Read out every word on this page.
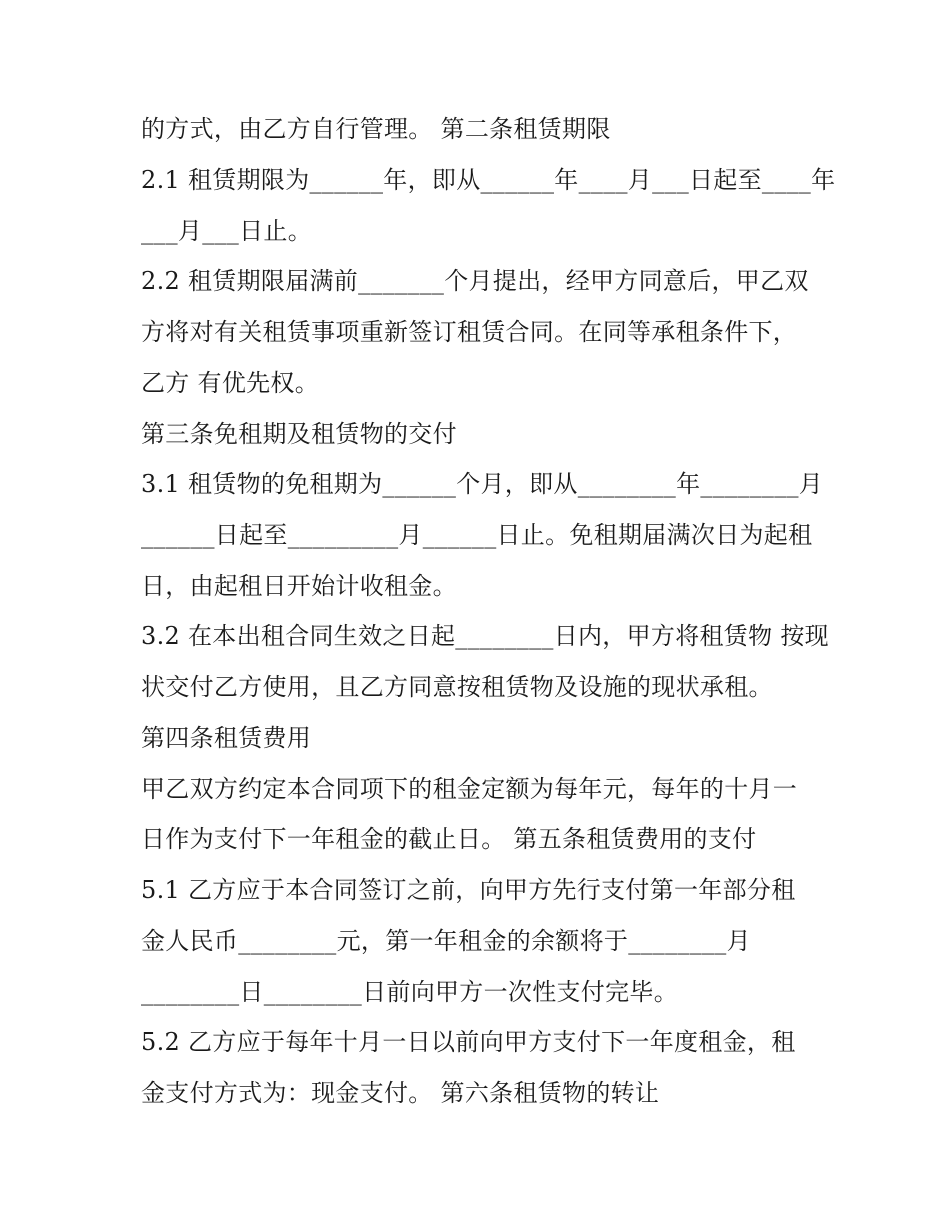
的方式，由乙方自行管理。 第二条租赁期限
2.1 租赁期限为______年，即从______年____月___日起至____年
___月___日止。
2.2 租赁期限届满前_______个月提出，经甲方同意后，甲乙双
方将对有关租赁事项重新签订租赁合同。在同等承租条件下，
乙方 有优先权。
第三条免租期及租赁物的交付
3.1 租赁物的免租期为______个月，即从________年________月
______日起至_________月______日止。免租期届满次日为起租
日，由起租日开始计收租金。
3.2 在本出租合同生效之日起________日内，甲方将租赁物 按现
状交付乙方使用，且乙方同意按租赁物及设施的现状承租。
第四条租赁费用
甲乙双方约定本合同项下的租金定额为每年元，每年的十月一
日作为支付下一年租金的截止日。 第五条租赁费用的支付
5.1 乙方应于本合同签订之前，向甲方先行支付第一年部分租
金人民币________元，第一年租金的余额将于________月
________日________日前向甲方一次性支付完毕。
5.2 乙方应于每年十月一日以前向甲方支付下一年度租金，租
金支付方式为：现金支付。 第六条租赁物的转让
